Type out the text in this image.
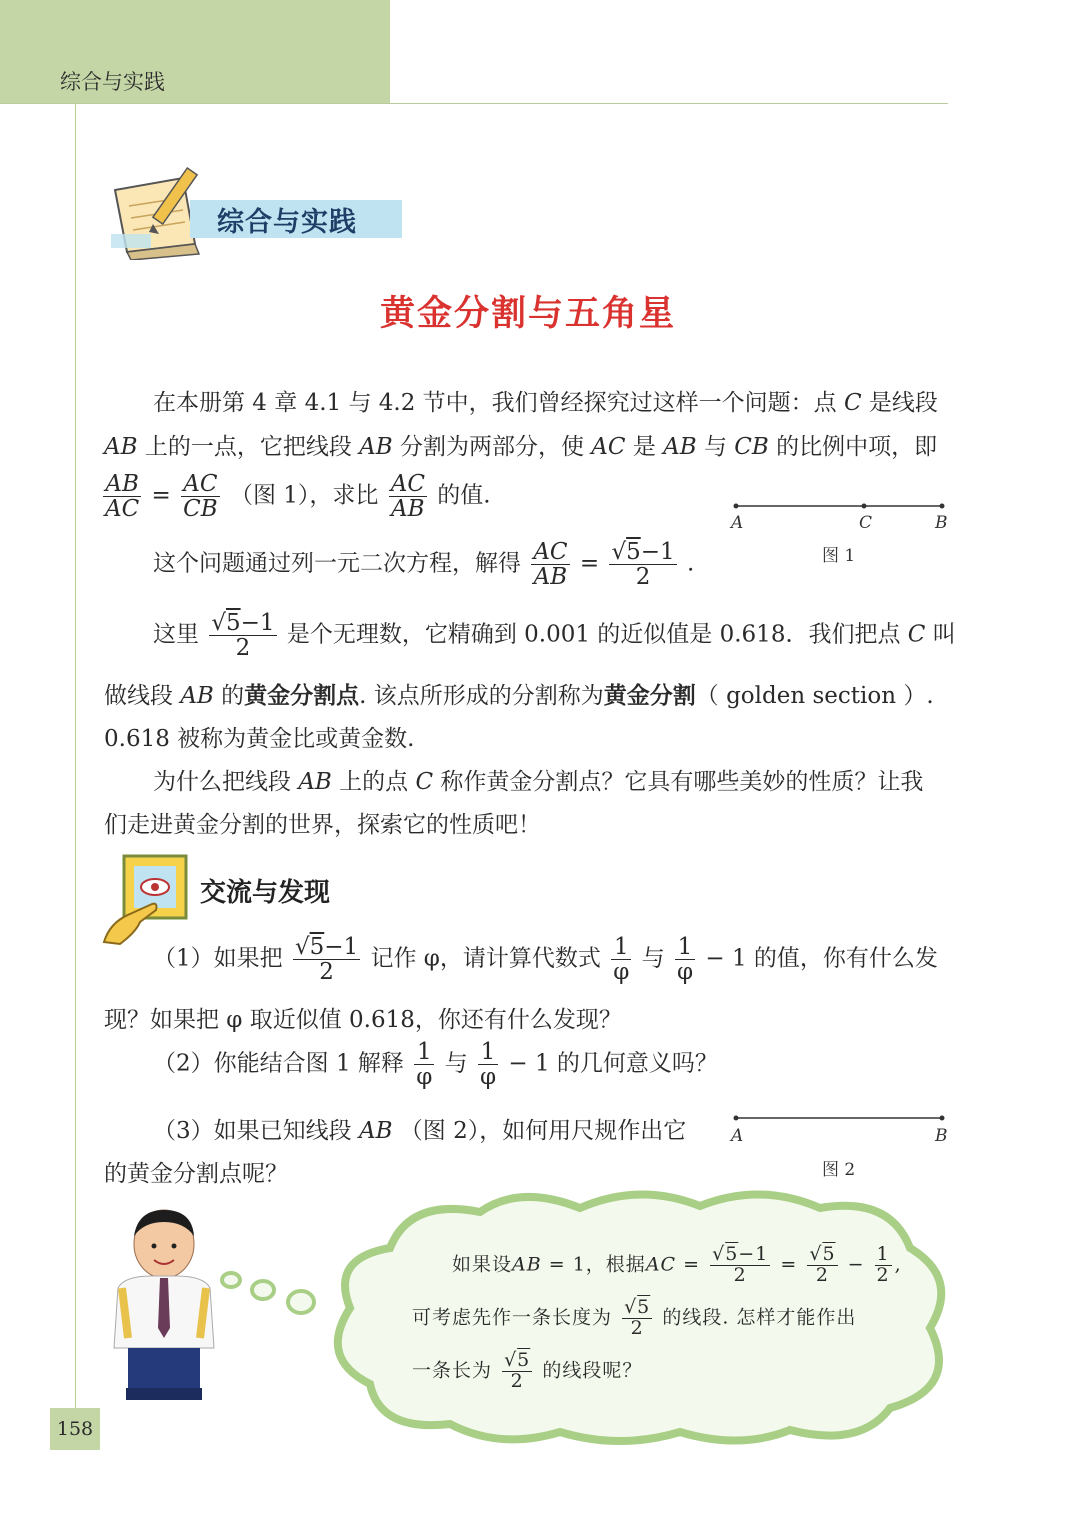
综合与实践
综合与实践
黄金分割与五角星
在本册第 4 章 4.1 与 4.2 节中，我们曾经探究过这样一个问题：点 C 是线段
AB 上的一点，它把线段 AB 分割为两部分，使 AC 是 AB 与 CB 的比例中项，即
$\frac{AB}{AC} = \frac{AC}{CB}$ （图 1），求比 $\frac{AC}{AB}$ 的值.
A	C	B
图 1
这个问题通过列一元二次方程，解得 $\frac{AC}{AB} = \frac{√5-1}{2}$ .
这里 $\frac{√5-1}{2}$ 是个无理数，它精确到 0.001 的近似值是 0.618．我们把点 C 叫
做线段 AB 的黄金分割点. 该点所形成的分割称为黄金分割（ golden section ）.
0.618 被称为黄金比或黄金数.
为什么把线段 AB 上的点 C 称作黄金分割点？它具有哪些美妙的性质？让我
们走进黄金分割的世界，探索它的性质吧！
交流与发现
（1）如果把 $\frac{√5-1}{2}$ 记作 φ，请计算代数式 $\frac{1}{\varphi}$ 与 $\frac{1}{\varphi} - 1$ 的值，你有什么发
现？如果把 φ 取近似值 0.618，你还有什么发现？
（2）你能结合图 1 解释 $\frac{1}{\varphi}$ 与 $\frac{1}{\varphi} - 1$ 的几何意义吗？
（3）如果已知线段 AB （图 2），如何用尺规作出它
的黄金分割点呢？
A	B
图 2
如果设AB = 1，根据AC = $\frac{√5-1}{2} = \frac{√5}{2} - \frac{1}{2}$ ,
可考虑先作一条长度为 $\frac{√5}{2}$ 的线段. 怎样才能作出
一条长为 $\frac{√5}{2}$ 的线段呢？
158
